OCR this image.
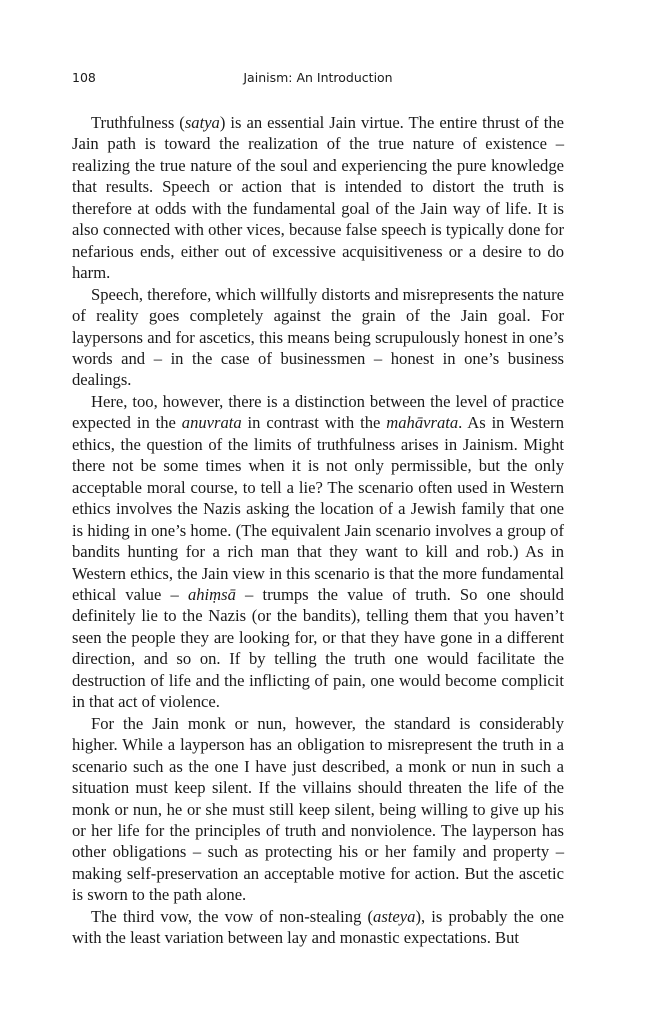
108	Jainism: An Introduction

Truthfulness (satya) is an essential Jain virtue. The entire thrust of the Jain path is toward the realization of the true nature of existence – realizing the true nature of the soul and experiencing the pure knowledge that results. Speech or action that is intended to distort the truth is therefore at odds with the fundamental goal of the Jain way of life. It is also connected with other vices, because false speech is typically done for nefarious ends, either out of excessive acquisitiveness or a desire to do harm.

Speech, therefore, which willfully distorts and misrepresents the nature of reality goes completely against the grain of the Jain goal. For laypersons and for ascetics, this means being scrupulously honest in one’s words and – in the case of businessmen – honest in one’s business dealings.

Here, too, however, there is a distinction between the level of practice expected in the anuvrata in contrast with the mahāvrata. As in Western ethics, the question of the limits of truthfulness arises in Jainism. Might there not be some times when it is not only permissible, but the only acceptable moral course, to tell a lie? The scenario often used in Western ethics involves the Nazis asking the location of a Jewish family that one is hiding in one’s home. (The equivalent Jain scenario involves a group of bandits hunting for a rich man that they want to kill and rob.) As in Western ethics, the Jain view in this scenario is that the more fundamental ethical value – ahiṃsā – trumps the value of truth. So one should definitely lie to the Nazis (or the bandits), telling them that you haven’t seen the people they are looking for, or that they have gone in a different direction, and so on. If by telling the truth one would facilitate the destruction of life and the inflicting of pain, one would become complicit in that act of violence.

For the Jain monk or nun, however, the standard is considerably higher. While a layperson has an obligation to misrepresent the truth in a scenario such as the one I have just described, a monk or nun in such a situation must keep silent. If the villains should threaten the life of the monk or nun, he or she must still keep silent, being willing to give up his or her life for the principles of truth and nonviolence. The layperson has other obligations – such as protecting his or her family and property – making self-preservation an acceptable motive for action. But the ascetic is sworn to the path alone.

The third vow, the vow of non-stealing (asteya), is probably the one with the least variation between lay and monastic expectations. But
